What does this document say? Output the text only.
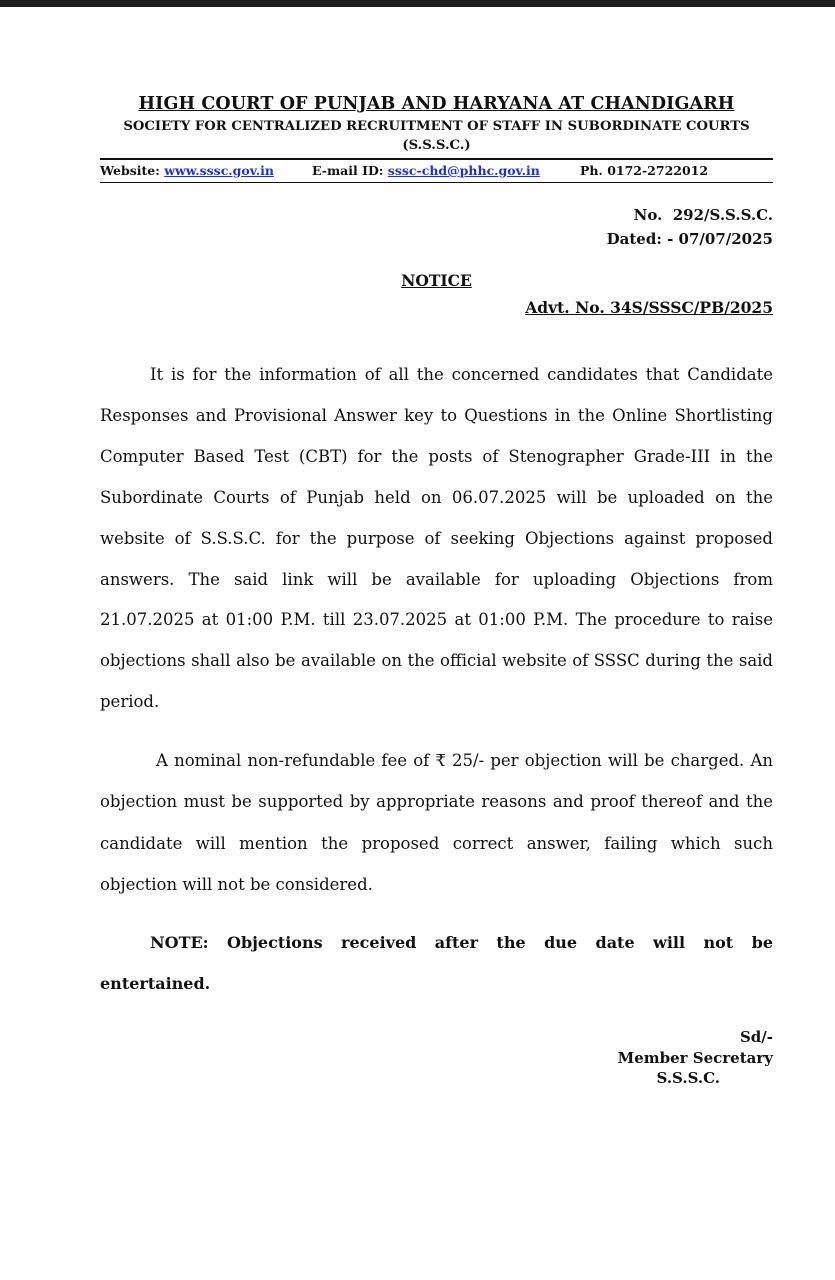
HIGH COURT OF PUNJAB AND HARYANA AT CHANDIGARH
SOCIETY FOR CENTRALIZED RECRUITMENT OF STAFF IN SUBORDINATE COURTS
(S.S.S.C.)
Website: www.sssc.gov.in	E-mail ID: sssc-chd@phhc.gov.in	Ph. 0172-2722012
No.  292/S.S.S.C.
Dated: - 07/07/2025
NOTICE
Advt. No. 34S/SSSC/PB/2025
It is for the information of all the concerned candidates that Candidate Responses and Provisional Answer key to Questions in the Online Shortlisting Computer Based Test (CBT) for the posts of Stenographer Grade-III in the Subordinate Courts of Punjab held on 06.07.2025 will be uploaded on the website of S.S.S.C. for the purpose of seeking Objections against proposed answers. The said link will be available for uploading Objections from 21.07.2025 at 01:00 P.M. till 23.07.2025 at 01:00 P.M. The procedure to raise objections shall also be available on the official website of SSSC during the said period.
A nominal non-refundable fee of ₹ 25/- per objection will be charged. An objection must be supported by appropriate reasons and proof thereof and the candidate will mention the proposed correct answer, failing which such objection will not be considered.
NOTE: Objections received after the due date will not be entertained.
Sd/-
Member Secretary
S.S.S.C.
